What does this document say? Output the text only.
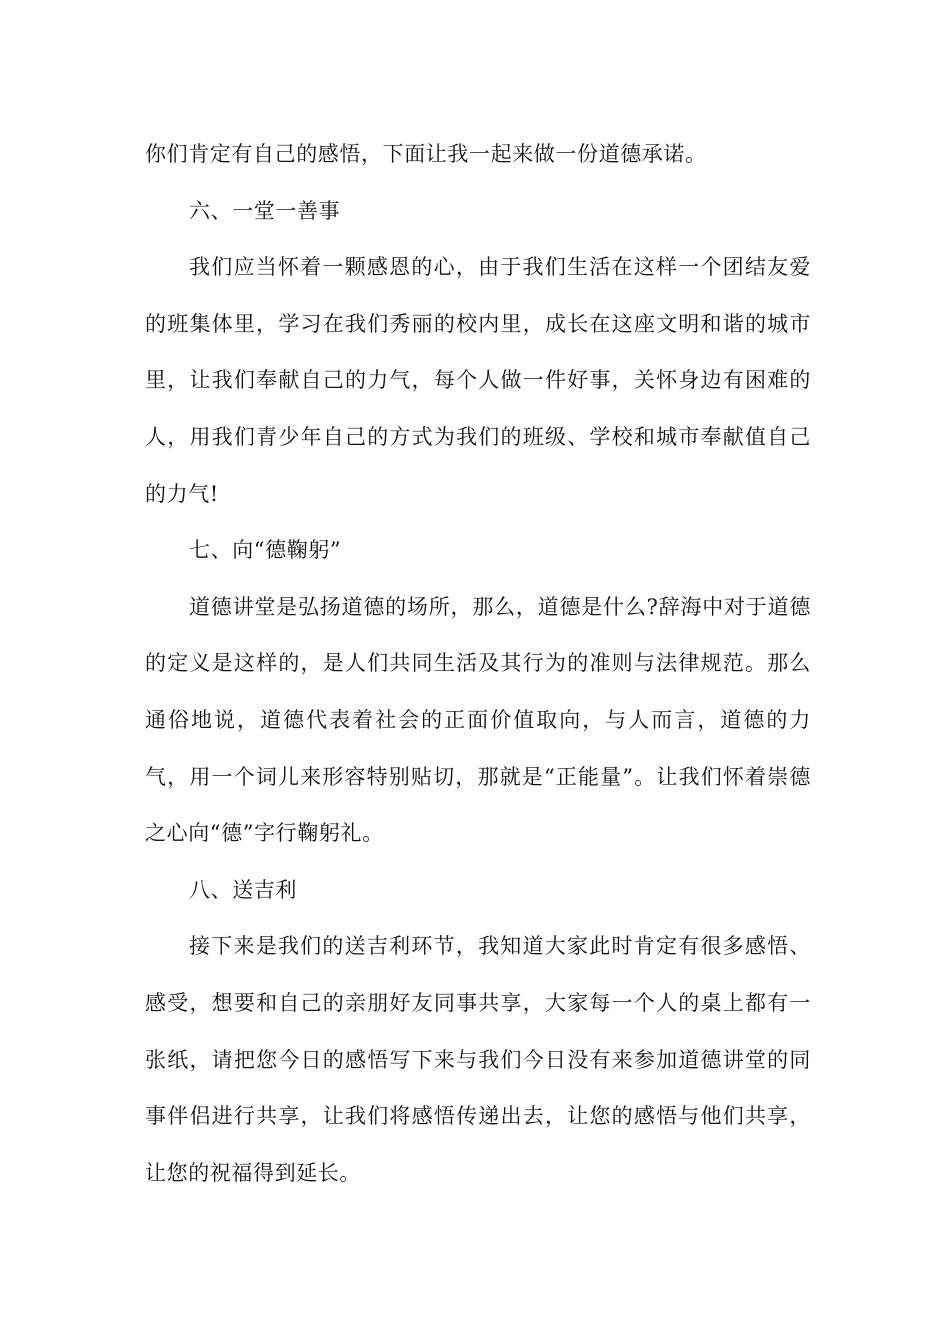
你们肯定有自己的感悟，下面让我一起来做一份道德承诺。

六、一堂一善事

我们应当怀着一颗感恩的心，由于我们生活在这样一个团结友爱的班集体里，学习在我们秀丽的校内里，成长在这座文明和谐的城市里，让我们奉献自己的力气，每个人做一件好事，关怀身边有困难的人，用我们青少年自己的方式为我们的班级、学校和城市奉献值自己的力气!

七、向“德鞠躬”

道德讲堂是弘扬道德的场所，那么，道德是什么?辞海中对于道德的定义是这样的，是人们共同生活及其行为的准则与法律规范。那么通俗地说，道德代表着社会的正面价值取向，与人而言，道德的力气，用一个词儿来形容特别贴切，那就是“正能量”。让我们怀着崇德之心向“德”字行鞠躬礼。

八、送吉利

接下来是我们的送吉利环节，我知道大家此时肯定有很多感悟、感受，想要和自己的亲朋好友同事共享，大家每一个人的桌上都有一张纸，请把您今日的感悟写下来与我们今日没有来参加道德讲堂的同事伴侣进行共享，让我们将感悟传递出去，让您的感悟与他们共享，让您的祝福得到延长。
